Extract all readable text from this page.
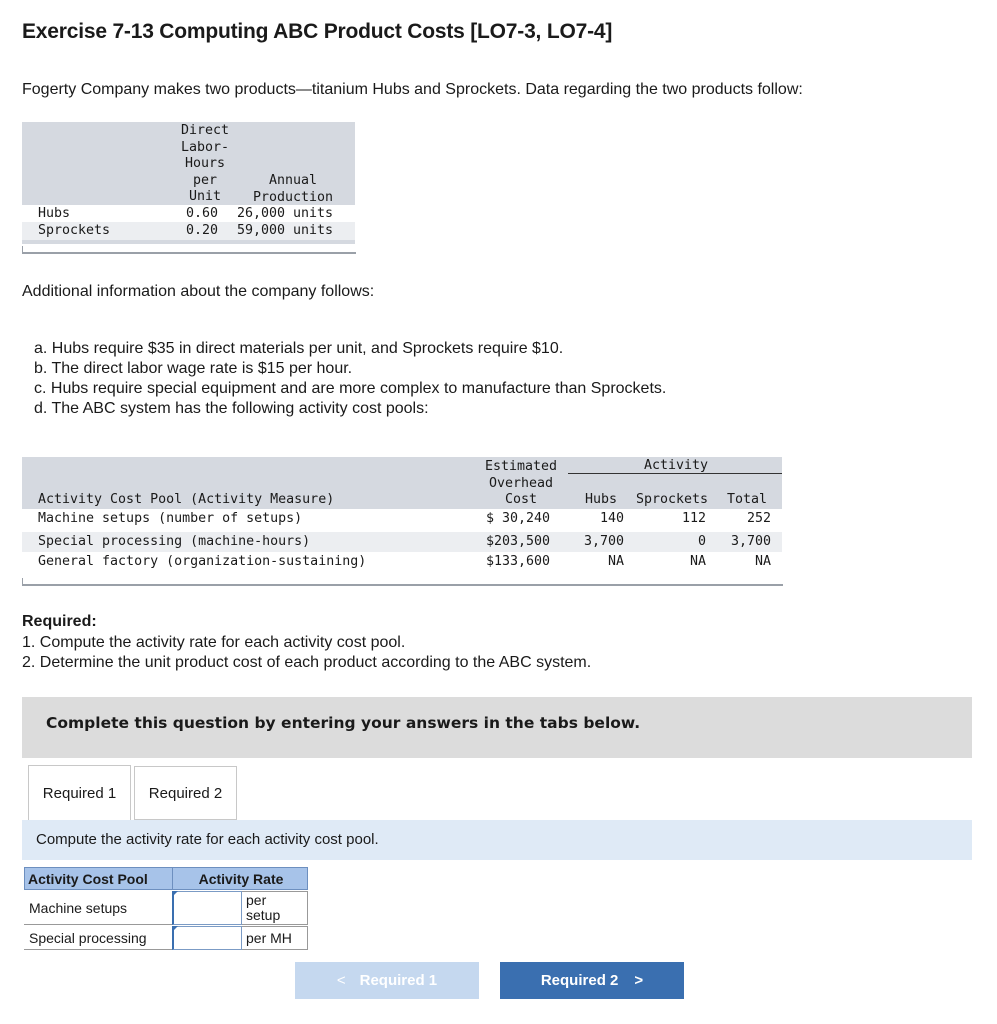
Exercise 7-13 Computing ABC Product Costs [LO7-3, LO7-4]

Fogerty Company makes two products—titanium Hubs and Sprockets. Data regarding the two products follow:

Direct
Labor-
Hours
per
Unit
Annual
Production
Hubs	0.60 26,000 units
Sprockets	0.20 59,000 units

Additional information about the company follows:

a. Hubs require $35 in direct materials per unit, and Sprockets require $10.
b. The direct labor wage rate is $15 per hour.
c. Hubs require special equipment and are more complex to manufacture than Sprockets.
d. The ABC system has the following activity cost pools:
Estimated
Overhead
Cost
Activity
Activity Cost Pool (Activity Measure)	Hubs Sprockets Total
Machine setups (number of setups)	$ 30,240	140	112	252
Special processing (machine-hours)	$203,500	3,700	0	3,700
General factory (organization-sustaining)	$133,600	NA	NA	NA
Required:
1. Compute the activity rate for each activity cost pool.
2. Determine the unit product cost of each product according to the ABC system.
Complete this question by entering your answers in the tabs below.
Required 1 Required 2
Compute the activity rate for each activity cost pool.
Activity Cost Pool	Activity Rate
Machine setups	per setup
Special processing	per MH
< Required 1	Required 2 >
